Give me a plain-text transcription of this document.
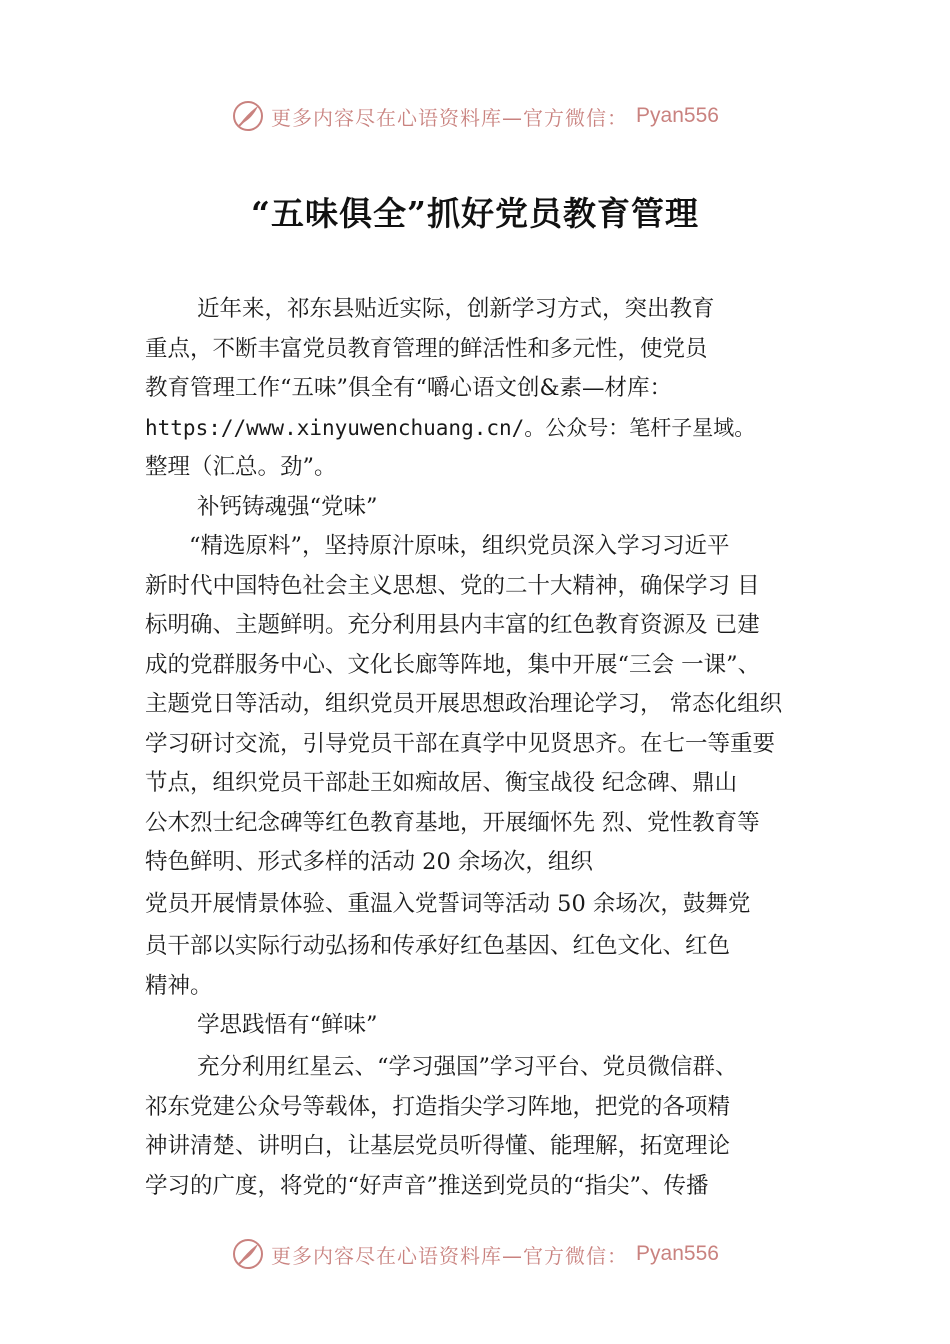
更多内容尽在心语资料库—官方微信： Pyan556
“五味俱全”抓好党员教育管理
近年来，祁东县贴近实际，创新学习方式，突出教育
重点，不断丰富党员教育管理的鲜活性和多元性，使党员
教育管理工作“五味”俱全有“嚼心语文创&素—材库：
https://www.xinyuwenchuang.cn/。公众号：笔杆子星域。
整理（汇总。劲”。
补钙铸魂强“党味”
“精选原料”，坚持原汁原味，组织党员深入学习习近平
新时代中国特色社会主义思想、党的二十大精神，确保学习 目
标明确、主题鲜明。充分利用县内丰富的红色教育资源及 已建
成的党群服务中心、文化长廊等阵地，集中开展“三会 一课”、
主题党日等活动，组织党员开展思想政治理论学习， 常态化组织
学习研讨交流，引导党员干部在真学中见贤思齐。在七一等重要
节点，组织党员干部赴王如痴故居、衡宝战役 纪念碑、鼎山
公​⽊烈士纪念碑等红色教育基地，开展缅怀先 烈、党性教育等
特色鲜明、形式多样的活动 20 余场次，组织
党员开展情景体验、重温入党誓词等活动 50 余场次，鼓舞党
员干部以实际行动弘扬和传承好红色基因、红色文化、红色
精神。
学思践悟有“鲜味”
充分利用红星云、“学习强国”学习平台、党员微信群、
祁东党建公众号等载体，打造指尖学习阵地，把党的各项精
神讲清楚、讲明白，让基层党员听得懂、能理解，拓宽理论
学习的广度，将党的“好声音”推送到党员的“指尖”、传播
更多内容尽在心语资料库—官方微信： Pyan556
